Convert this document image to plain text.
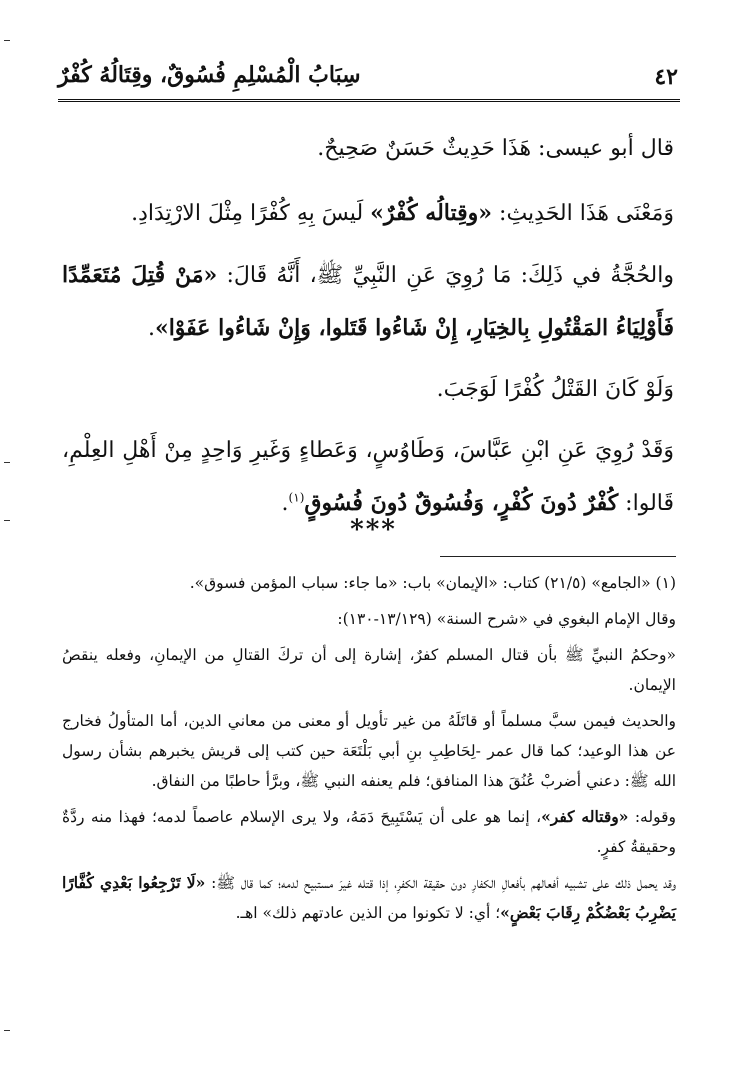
٤٢
سِبَابُ الْمُسْلِمِ فُسُوقٌ، وقِتَالُهُ كُفْرٌ

قال أبو عيسى: هَذَا حَدِيثٌ حَسَنٌ صَحِيحٌ.

وَمَعْنَى هَذَا الحَدِيثِ: «وقِتالُه كُفْرٌ» لَيسَ بِهِ كُفْرًا مِثْلَ الارْتِدَادِ.

والحُجَّةُ في ذَلِكَ: مَا رُوِيَ عَنِ النَّبِيِّ ﷺ، أَنَّهُ قَالَ: «مَنْ قُتِلَ مُتَعَمِّدًا فَأَوْلِيَاءُ المَقْتُولِ بِالخِيَارِ، إِنْ شَاءُوا قَتَلوا، وَإِنْ شَاءُوا عَفَوْا».

وَلَوْ كَانَ القَتْلُ كُفْرًا لَوَجَبَ.

وَقَدْ رُوِيَ عَنِ ابْنِ عَبَّاسَ، وَطَاوُسٍ، وَعَطاءٍ وَغَيرِ وَاحِدٍ مِنْ أَهْلِ العِلْمِ، قَالوا: كُفْرٌ دُونَ كُفْرٍ، وَفُسُوقٌ دُونَ فُسُوقٍ$^{(١)}$.

***

(١) «الجامع» (٢١/٥) كتاب: «الإيمان» باب: «ما جاء: سباب المؤمن فسوق».

وقال الإمام البغوي في «شرح السنة» (١٣/١٢٩-١٣٠):

«وحكمُ النبيِّ ﷺ بأن قتال المسلم كفرٌ، إشارة إلى أن تركَ القتالِ من الإيمانِ، وفعله ينقصُ الإيمان.

والحديث فيمن سبَّ مسلماً أو قاتَلَهُ من غير تأويل أو معنى من معاني الدين، أما المتأولُ فخارج عن هذا الوعيد؛ كما قال عمر -لِحَاطِبِ بنِ أبي بَلْتَعَة حين كتب إلى قريش يخبرهم بشأن رسول الله ﷺ: دعني أضربْ عُنُقَ هذا المنافق؛ فلم يعنفه النبي ﷺ، وبرَّأ حاطبًا من النفاق.

وقوله: «وقتاله كفر»، إنما هو على أن يَسْتَبِيحَ دَمَهُ، ولا يرى الإسلام عاصماً لدمه؛ فهذا منه ردَّةٌ وحقيقةُ كفرٍ.

وقد يحمل ذلك على تشبيه أفعالهم بأفعالِ الكفارِ دون حقيقة الكفرِ، إذا قتله غيرَ مستبيح لدمه؛ كما قال ﷺ: «لَا تَرْجِعُوا بَعْدِي كُفَّارًا يَضْرِبُ بَعْضُكُمْ رِقَابَ بَعْضٍ»؛ أي: لا تكونوا من الذين عادتهم ذلك» اهـ.
